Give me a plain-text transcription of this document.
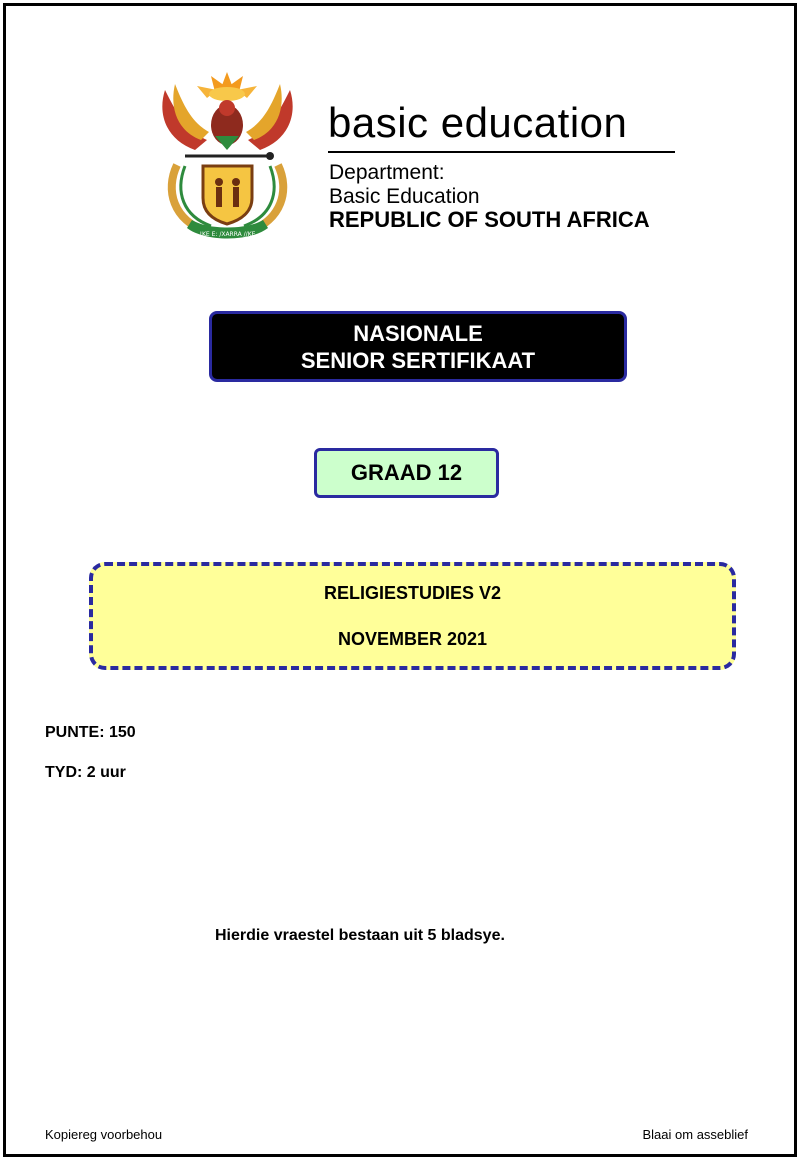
!KE E: /XARRA //KE
basic education
Department:
Basic Education
REPUBLIC OF SOUTH AFRICA
NASIONALE
SENIOR SERTIFIKAAT
GRAAD 12
RELIGIESTUDIES V2
NOVEMBER 2021
PUNTE: 150
TYD: 2 uur
Hierdie vraestel bestaan uit 5 bladsye.
Kopiereg voorbehou	Blaai om asseblief
